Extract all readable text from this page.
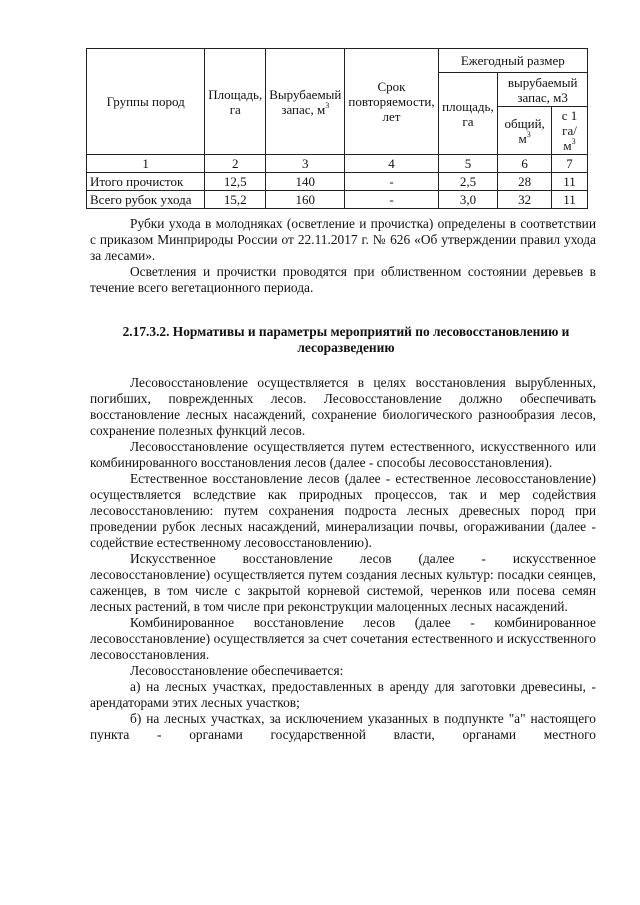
Группы пород	Площадь, га	Вырубаемый запас, $м^3$	Срок повторяемости, лет	Ежегодный размер		
				площадь, га	вырубаемый запас, м3	
					общий, $м^3$	с 1 га/ $м^3$
1	2	3	4	5	6	7
Итого прочисток	12,5	140	-	2,5	28	11
Всего рубок ухода	15,2	160	-	3,0	32	11

Рубки ухода в молодняках (осветление и прочистка) определены в соответствии с приказом Минприроды России от 22.11.2017 г. № 626 «Об утверждении правил ухода за лесами».

Осветления и прочистки проводятся при облиственном состоянии деревьев в течение всего вегетационного периода.

2.17.3.2. Нормативы и параметры мероприятий по лесовосстановлению и лесоразведению

Лесовосстановление осуществляется в целях восстановления вырубленных, погибших, поврежденных лесов. Лесовосстановление должно обеспечивать восстановление лесных насаждений, сохранение биологического разнообразия лесов, сохранение полезных функций лесов.

Лесовосстановление осуществляется путем естественного, искусственного или комбинированного восстановления лесов (далее - способы лесовосстановления).

Естественное восстановление лесов (далее - естественное лесовосстановление) осуществляется вследствие как природных процессов, так и мер содействия лесовосстановлению: путем сохранения подроста лесных древесных пород при проведении рубок лесных насаждений, минерализации почвы, огораживании (далее - содействие естественному лесовосстановлению).

Искусственное восстановление лесов (далее - искусственное лесовосстановление) осуществляется путем создания лесных культур: посадки сеянцев, саженцев, в том числе с закрытой корневой системой, черенков или посева семян лесных растений, в том числе при реконструкции малоценных лесных насаждений.

Комбинированное восстановление лесов (далее - комбинированное лесовосстановление) осуществляется за счет сочетания естественного и искусственного лесовосстановления.

Лесовосстановление обеспечивается:

а) на лесных участках, предоставленных в аренду для заготовки древесины, - арендаторами этих лесных участков;

б) на лесных участках, за исключением указанных в подпункте "а" настоящего пункта - органами государственной власти, органами местного
